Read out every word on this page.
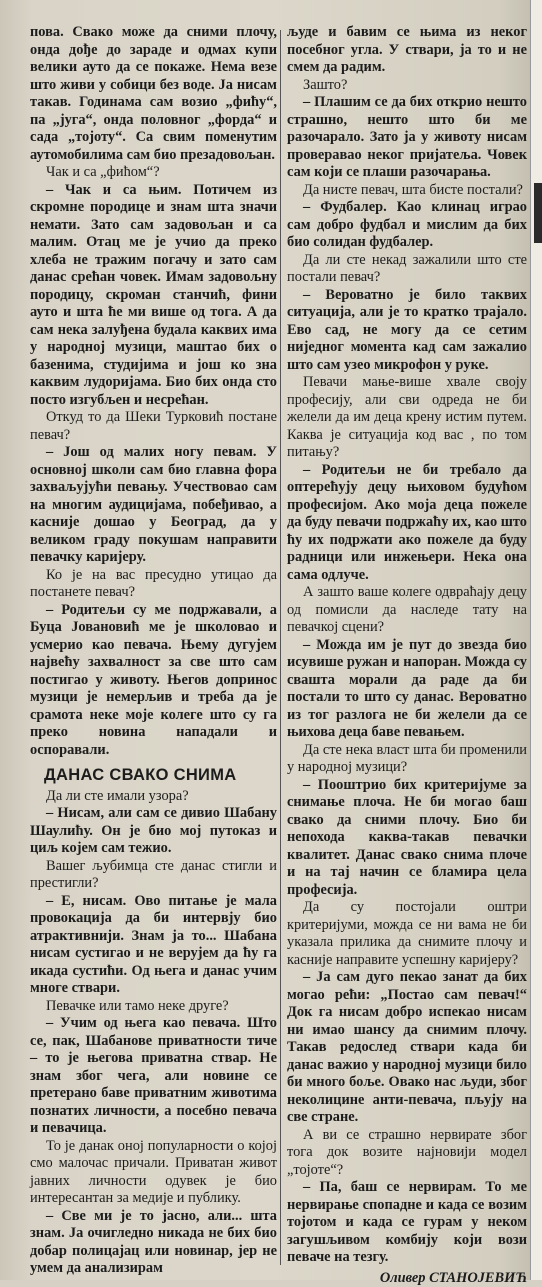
пова. Свако може да сними плочу, онда дође до зараде и одмах купи велики ауто да се покаже. Нема везе што живи у собици без воде. Ја нисам такав. Годинама сам возио „фићу“, па „југа“, онда половног „форда“ и сада „тојоту“. Са свим поменутим аутомобилима сам био презадовољан.

Чак и са „фићом“?

– Чак и са њим. Потичем из скромне породице и знам шта значи немати. Зато сам задовољан и са малим. Отац ме је учио да преко хлеба не тражим погачу и зато сам данас срећан човек. Имам задовољну породицу, скроман станчић, фини ауто и шта ће ми више од тога. А да сам нека залуђена будала каквих има у народној музици, маштао бих о базенима, студијима и још ко зна каквим лудоријама. Био бих онда сто посто изгубљен и несрећан.

Откуд то да Шеки Турковић постане певач?

– Још од малих ногу певам. У основној школи сам био главна фора захваљујући певању. Учествовао сам на многим аудицијама, побеђивао, а касније дошао у Београд, да у великом граду покушам направити певачку каријеру.

Ко је на вас пресудно утицао да постанете певач?

– Родитељи су ме подржавали, а Буца Јовановић ме је школовао и усмерио као певача. Њему дугујем највећу захвалност за све што сам постигао у животу. Његов допринос музици је немерљив и треба да је срамота неке моје колеге што су га преко новина нападали и оспоравали.

ДАНАС СВАКО СНИМА

Да ли сте имали узора?

– Нисам, али сам се дивио Шабану Шаулићу. Он је био мој путоказ и циљ којем сам тежио.

Вашег љубимца сте данас стигли и престигли?

– Е, нисам. Ово питање је мала провокација да би интервју био атрактивнији. Знам ја то... Шабана нисам сустигао и не верујем да ћу га икада сустићи. Од њега и данас учим многе ствари.

Певачке или тамо неке друге?

– Учим од њега као певача. Што се, пак, Шабанове приватности тиче – то је његова приватна ствар. Не знам због чега, али новине се претерано баве приватним животима познатих личности, а посебно певача и певачица.

То је данак оној популарности о којој смо малочас причали. Приватан живот јавних личности одувек је био интересантан за медије и публику.

– Све ми је то јасно, али... шта знам. Ја очигледно никада не бих био добар полицајац или новинар, јер не умем да анализирам

људе и бавим се њима из неког посебног угла. У ствари, ја то и не смем да радим.

Зашто?

– Плашим се да бих открио нешто страшно, нешто што би ме разочарало. Зато ја у животу нисам проверавао неког пријатеља. Човек сам који се плаши разочарања.

Да нисте певач, шта бисте постали?

– Фудбалер. Као клинац играо сам добро фудбал и мислим да бих био солидан фудбалер.

Да ли сте некад зажалили што сте постали певач?

– Вероватно је било таквих ситуација, али је то кратко трајало. Ево сад, не могу да се сетим ниједног момента кад сам зажалио што сам узео микрофон у руке.

Певачи мање-више хвале своју професију, али сви одреда не би желели да им деца крену истим путем. Каква је ситуација код вас , по том питању?

– Родитељи не би требало да оптерећују децу њиховом будућом професијом. Ако моја деца пожеле да буду певачи подржаћу их, као што ћу их подржати ако пожеле да буду радници или инжењери. Нека она сама одлуче.

А зашто ваше колеге одвраћају децу од помисли да наследе тату на певачкој сцени?

– Можда им је пут до звезда био исувише ружан и напоран. Можда су свашта морали да раде да би постали то што су данас. Вероватно из тог разлога не би желели да се њихова деца баве певањем.

Да сте нека власт шта би променили у народној музици?

– Пооштрио бих критеријуме за снимање плоча. Не би могао баш свако да сними плочу. Био би непохода каква-такав певачки квалитет. Данас свако снима плоче и на тај начин се бламира цела професија.

Да су постојали оштри критеријуми, можда се ни вама не би указала прилика да снимите плочу и касније направите успешну каријеру?

– Ја сам дуго пекао занат да бих могао рећи: „Постао сам певач!“ Док га нисам добро испекао нисам ни имао шансу да снимим плочу. Такав редослед ствари када би данас важио у народној музици било би много боље. Овако нас људи, због неколицине анти-певача, пљују на све стране.

А ви се страшно нервирате због тога док возите најновији модел „тојоте“?

– Па, баш се нервирам. То ме нервирање спопадне и када се возим тојотом и када се гурам у неком загушљивом комбију који вози певаче на тезгу.

Оливер СТАНОЈЕВИЋ
